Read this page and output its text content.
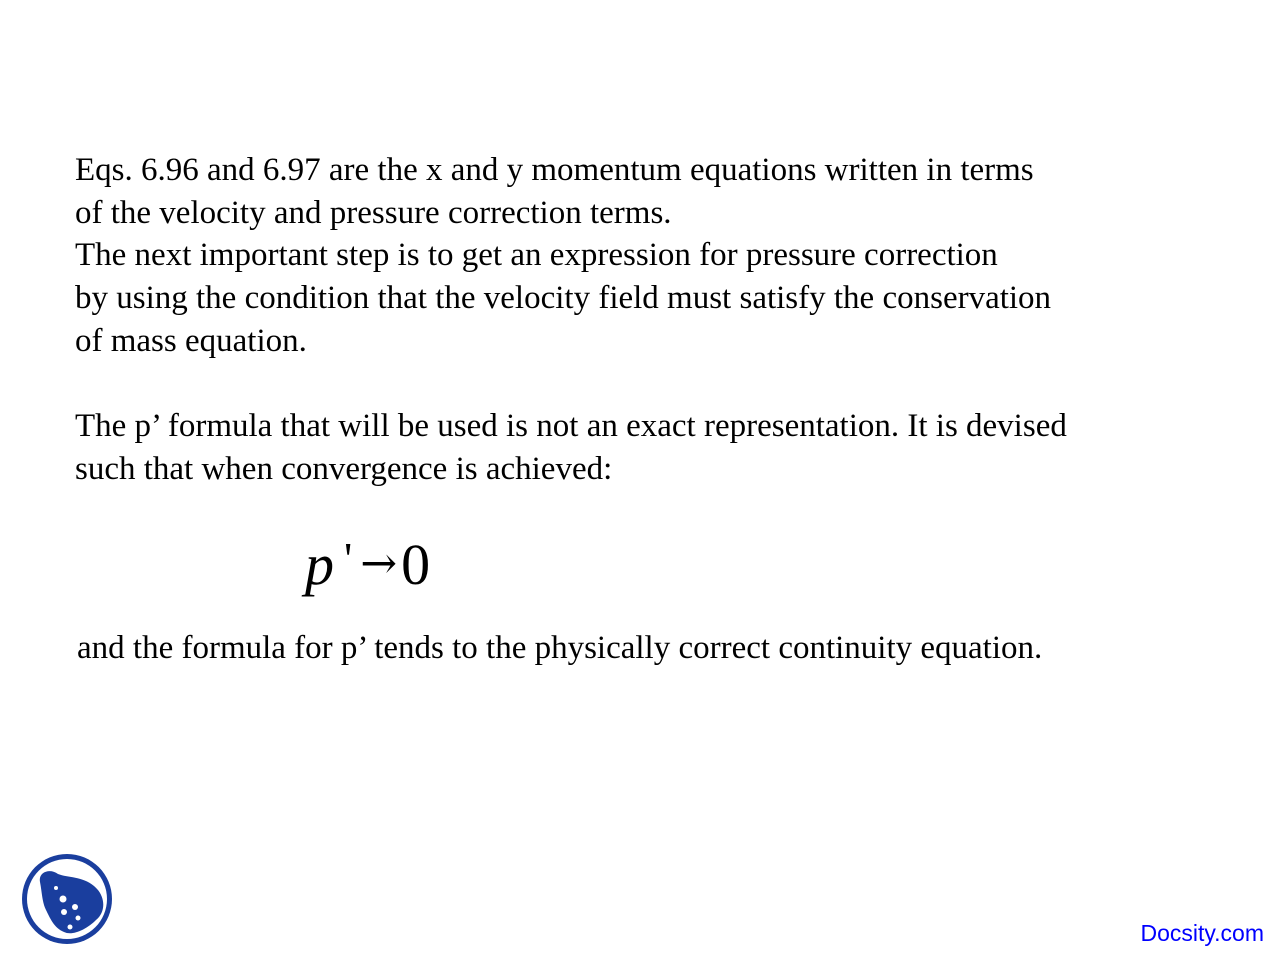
Eqs. 6.96 and 6.97 are the x and y momentum equations written in terms
of the velocity and pressure correction terms.
The next important step is to get an expression for pressure correction
by using the condition that the velocity field must satisfy the conservation
of mass equation.
The p’ formula that will be used is not an exact representation. It is devised
such that when convergence is achieved:
p ' →0
and the formula for p’ tends to the physically correct continuity equation.
Docsity.com
